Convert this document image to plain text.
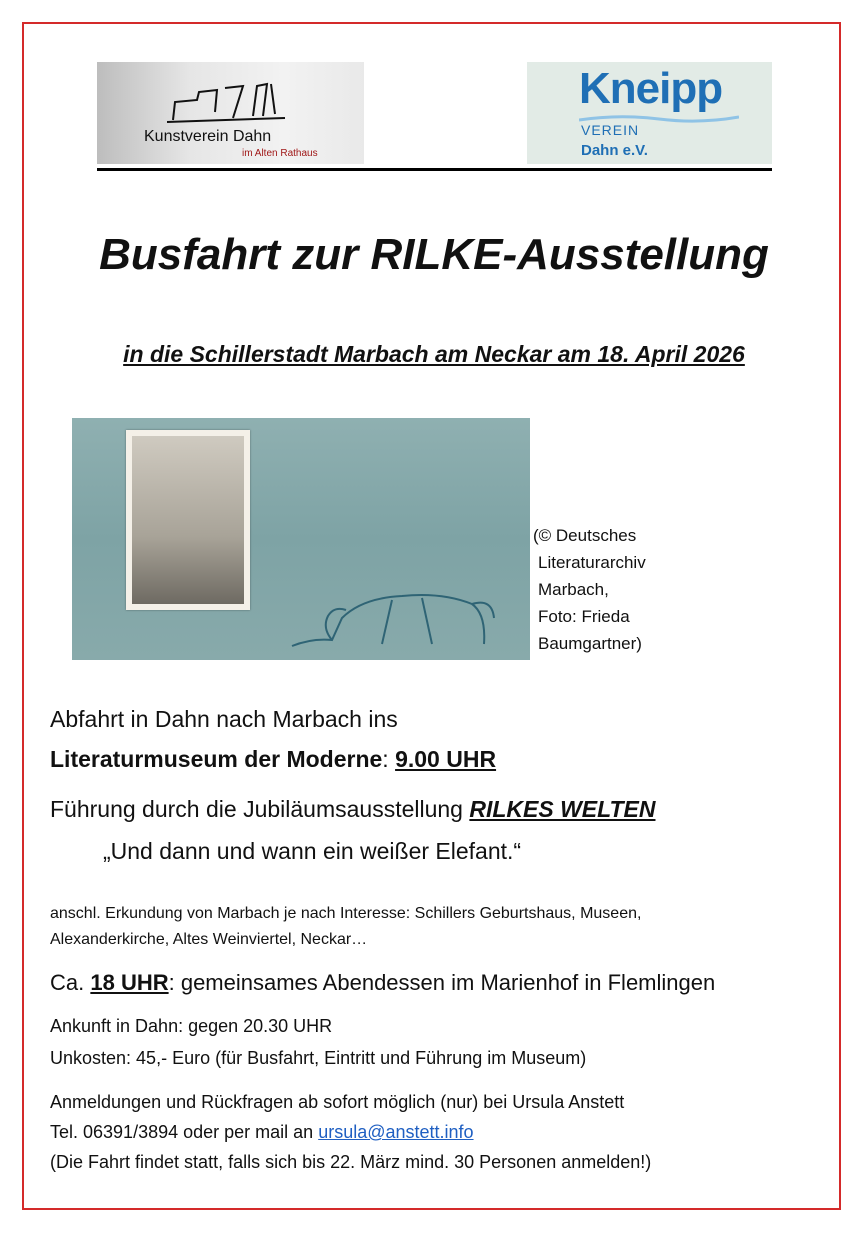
Kunstverein Dahn
im Alten Rathaus
Kneipp
VEREIN
Dahn e.V.
Busfahrt zur RILKE-Ausstellung
in die Schillerstadt Marbach am Neckar am 18. April 2026
(© Deutsches
Literaturarchiv
Marbach,
Foto: Frieda
Baumgartner)
Abfahrt in Dahn nach Marbach ins
Literaturmuseum der Moderne: 9.00 UHR
Führung durch die Jubiläumsausstellung RILKES WELTEN
„Und dann und wann ein weißer Elefant.“
anschl. Erkundung von Marbach je nach Interesse: Schillers Geburtshaus, Museen,
Alexanderkirche, Altes Weinviertel, Neckar…
Ca. 18 UHR: gemeinsames Abendessen im Marienhof in Flemlingen
Ankunft in Dahn: gegen 20.30 UHR
Unkosten: 45,- Euro (für Busfahrt, Eintritt und Führung im Museum)
Anmeldungen und Rückfragen ab sofort möglich (nur) bei Ursula Anstett
Tel. 06391/3894 oder per mail an ursula@anstett.info
(Die Fahrt findet statt, falls sich bis 22. März mind. 30 Personen anmelden!)
